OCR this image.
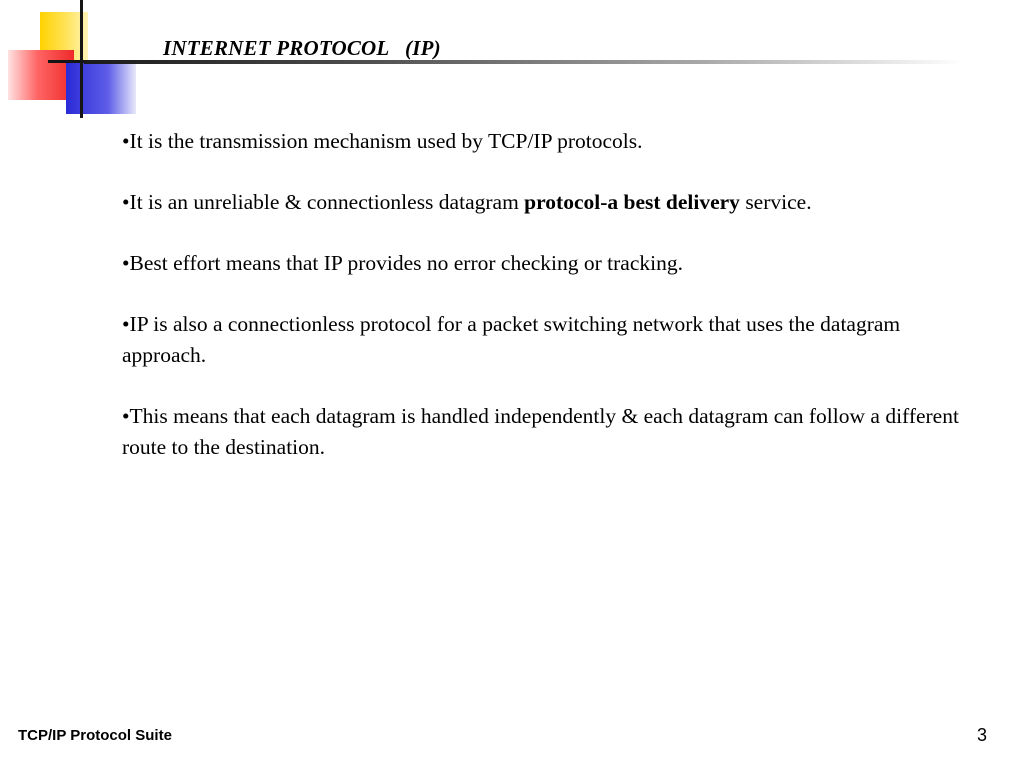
INTERNET PROTOCOL   (IP)
•It is the transmission mechanism used by TCP/IP protocols.
•It is an unreliable & connectionless datagram protocol-a best delivery service.
•Best effort means that IP provides no error checking or tracking.
•IP is also a connectionless protocol for a packet switching network that uses the datagram approach.
•This means that each datagram is handled independently & each datagram can follow a different route to the destination.

TCP/IP Protocol Suite	3
